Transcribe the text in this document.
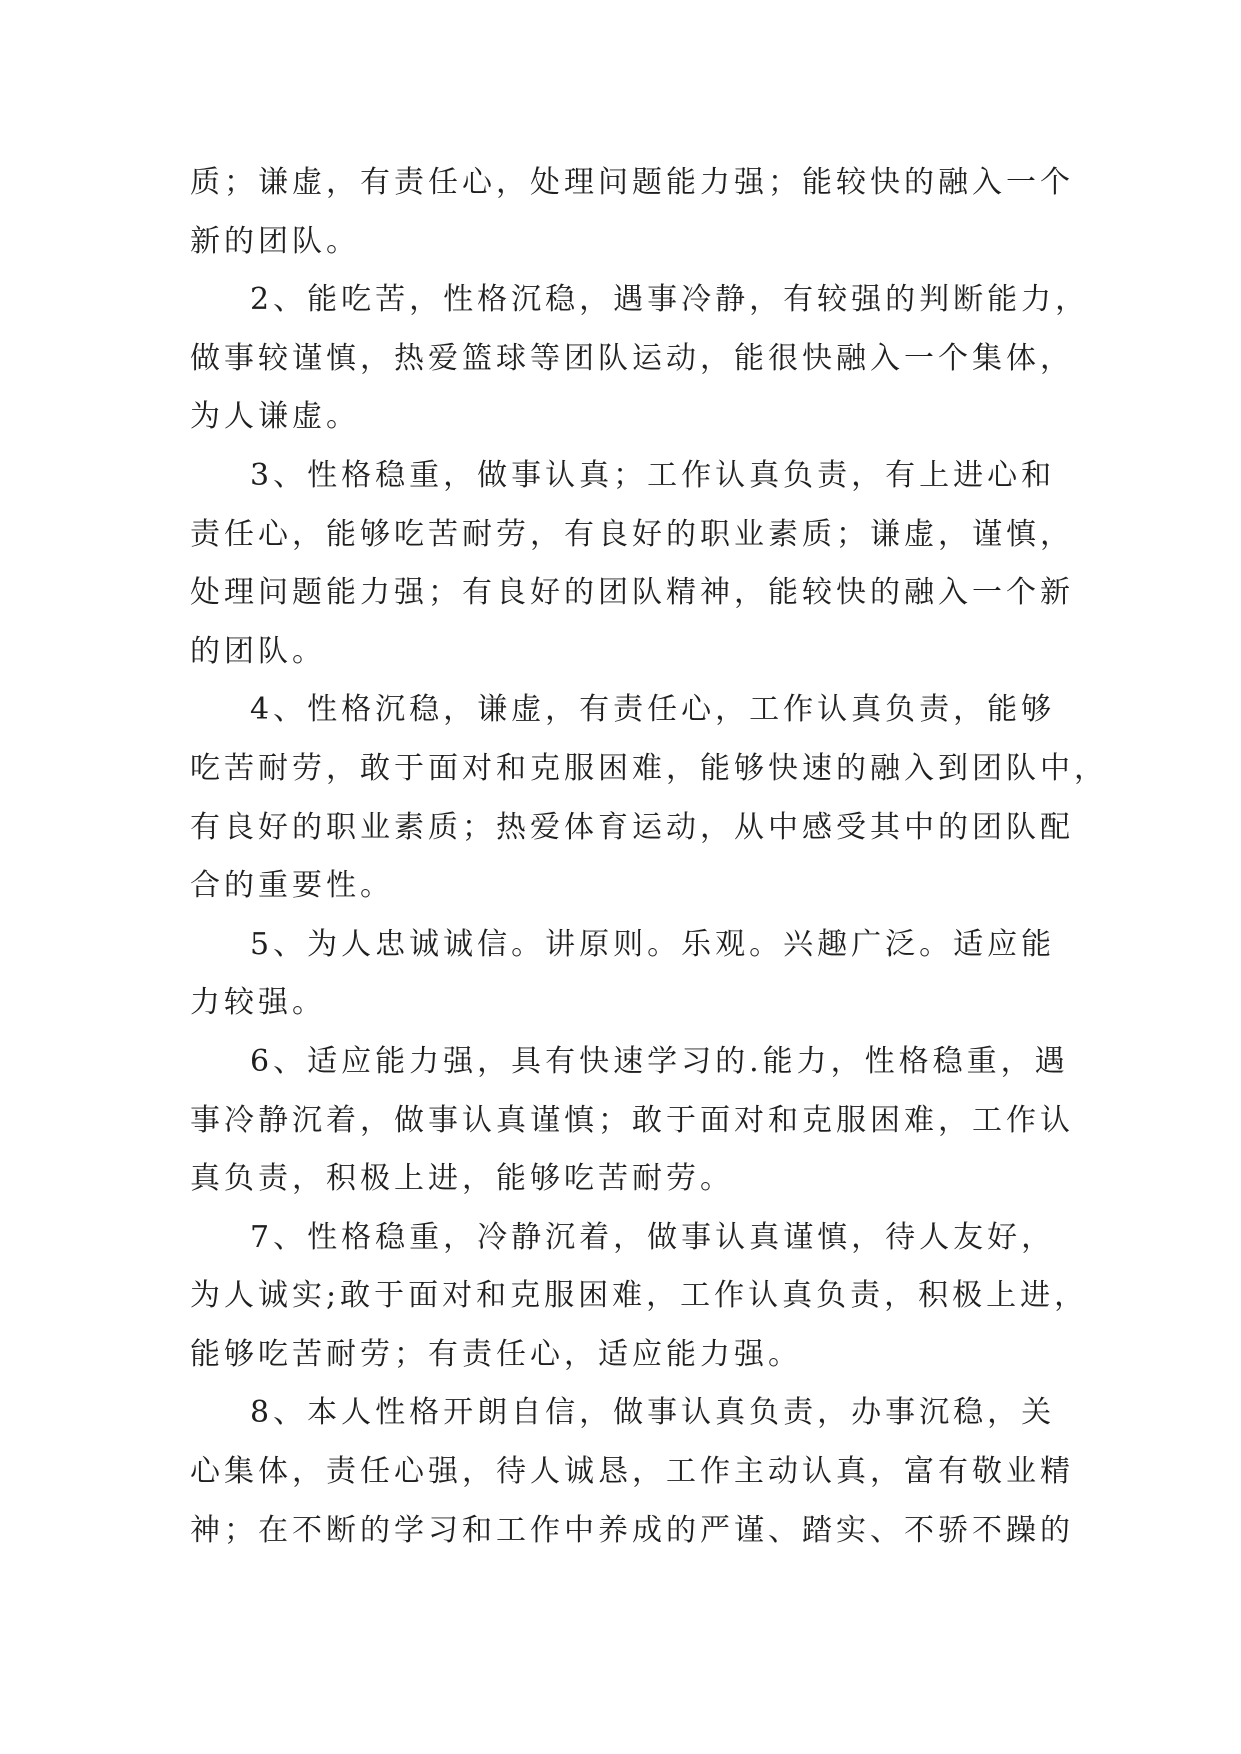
质；谦虚，有责任心，处理问题能力强；能较快的融入一个
新的团队。
2、能吃苦，性格沉稳，遇事冷静，有较强的判断能力，
做事较谨慎，热爱篮球等团队运动，能很快融入一个集体，
为人谦虚。
3、性格稳重，做事认真；工作认真负责，有上进心和
责任心，能够吃苦耐劳，有良好的职业素质；谦虚，谨慎，
处理问题能力强；有良好的团队精神，能较快的融入一个新
的团队。
4、性格沉稳，谦虚，有责任心，工作认真负责，能够
吃苦耐劳，敢于面对和克服困难，能够快速的融入到团队中，
有良好的职业素质；热爱体育运动，从中感受其中的团队配
合的重要性。
5、为人忠诚诚信。讲原则。乐观。兴趣广泛。适应能
力较强。
6、适应能力强，具有快速学习的.能力，性格稳重，遇
事冷静沉着，做事认真谨慎；敢于面对和克服困难，工作认
真负责，积极上进，能够吃苦耐劳。
7、性格稳重，冷静沉着，做事认真谨慎，待人友好，
为人诚实;敢于面对和克服困难，工作认真负责，积极上进，
能够吃苦耐劳；有责任心，适应能力强。
8、本人性格开朗自信，做事认真负责，办事沉稳，关
心集体，责任心强，待人诚恳，工作主动认真，富有敬业精
神；在不断的学习和工作中养成的严谨、踏实、不骄不躁的
